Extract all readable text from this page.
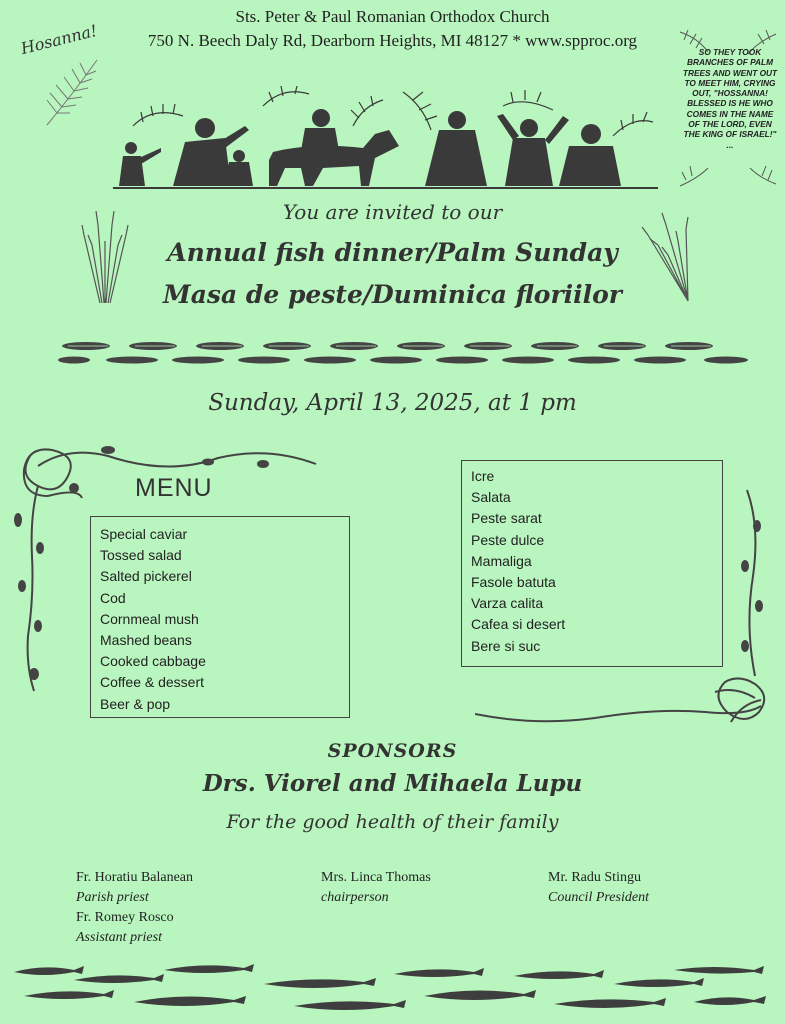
Sts. Peter & Paul Romanian Orthodox Church
750 N. Beech Daly Rd, Dearborn Heights, MI 48127 * www.spproc.org
Hosanna!	SO THEY TOOK BRANCHES OF PALM TREES AND WENT OUT TO MEET HIM, CRYING OUT, "HOSSANNA! BLESSED IS HE WHO COMES IN THE NAME OF THE LORD, EVEN THE KING OF ISRAEL!" ...
You are invited to our
Annual fish dinner/Palm Sunday
Masa de peste/Duminica floriilor
Sunday, April 13, 2025, at 1 pm
MENU
Special caviar
Tossed salad
Salted pickerel
Cod
Cornmeal mush
Mashed beans
Cooked cabbage
Coffee & dessert
Beer & pop
Icre
Salata
Peste sarat
Peste dulce
Mamaliga
Fasole batuta
Varza calita
Cafea si desert
Bere si suc
SPONSORS
Drs. Viorel and Mihaela Lupu
For the good health of their family
Fr. Horatiu Balanean
Parish priest
Fr. Romey Rosco
Assistant priest
Mrs. Linca Thomas
chairperson
Mr. Radu Stingu
Council President
